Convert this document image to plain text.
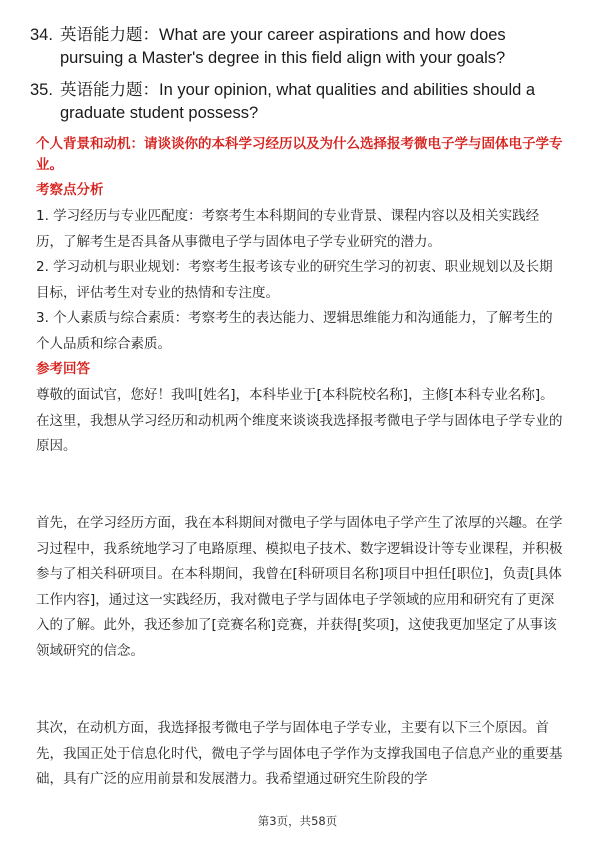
34. 英语能力题：What are your career aspirations and how does pursuing a Master's degree in this field align with your goals?
35. 英语能力题：In your opinion, what qualities and abilities should a graduate student possess?
个人背景和动机：请谈谈你的本科学习经历以及为什么选择报考微电子学与固体电子学专业。
考察点分析

1. 学习经历与专业匹配度：考察考生本科期间的专业背景、课程内容以及相关实践经历，了解考生是否具备从事微电子学与固体电子学专业研究的潜力。

2. 学习动机与职业规划：考察考生报考该专业的研究生学习的初衷、职业规划以及长期目标，评估考生对专业的热情和专注度。

3. 个人素质与综合素质：考察考生的表达能力、逻辑思维能力和沟通能力，了解考生的个人品质和综合素质。

参考回答

尊敬的面试官，您好！我叫[姓名]，本科毕业于[本科院校名称]，主修[本科专业名称]。在这里，我想从学习经历和动机两个维度来谈谈我选择报考微电子学与固体电子学专业的原因。

首先，在学习经历方面，我在本科期间对微电子学与固体电子学产生了浓厚的兴趣。在学习过程中，我系统地学习了电路原理、模拟电子技术、数字逻辑设计等专业课程，并积极参与了相关科研项目。在本科期间，我曾在[科研项目名称]项目中担任[职位]，负责[具体工作内容]，通过这一实践经历，我对微电子学与固体电子学领域的应用和研究有了更深入的了解。此外，我还参加了[竞赛名称]竞赛，并获得[奖项]，这使我更加坚定了从事该领域研究的信念。

其次，在动机方面，我选择报考微电子学与固体电子学专业，主要有以下三个原因。首先，我国正处于信息化时代，微电子学与固体电子学作为支撑我国电子信息产业的重要基础，具有广泛的应用前景和发展潜力。我希望通过研究生阶段的学

第3页，共58页
